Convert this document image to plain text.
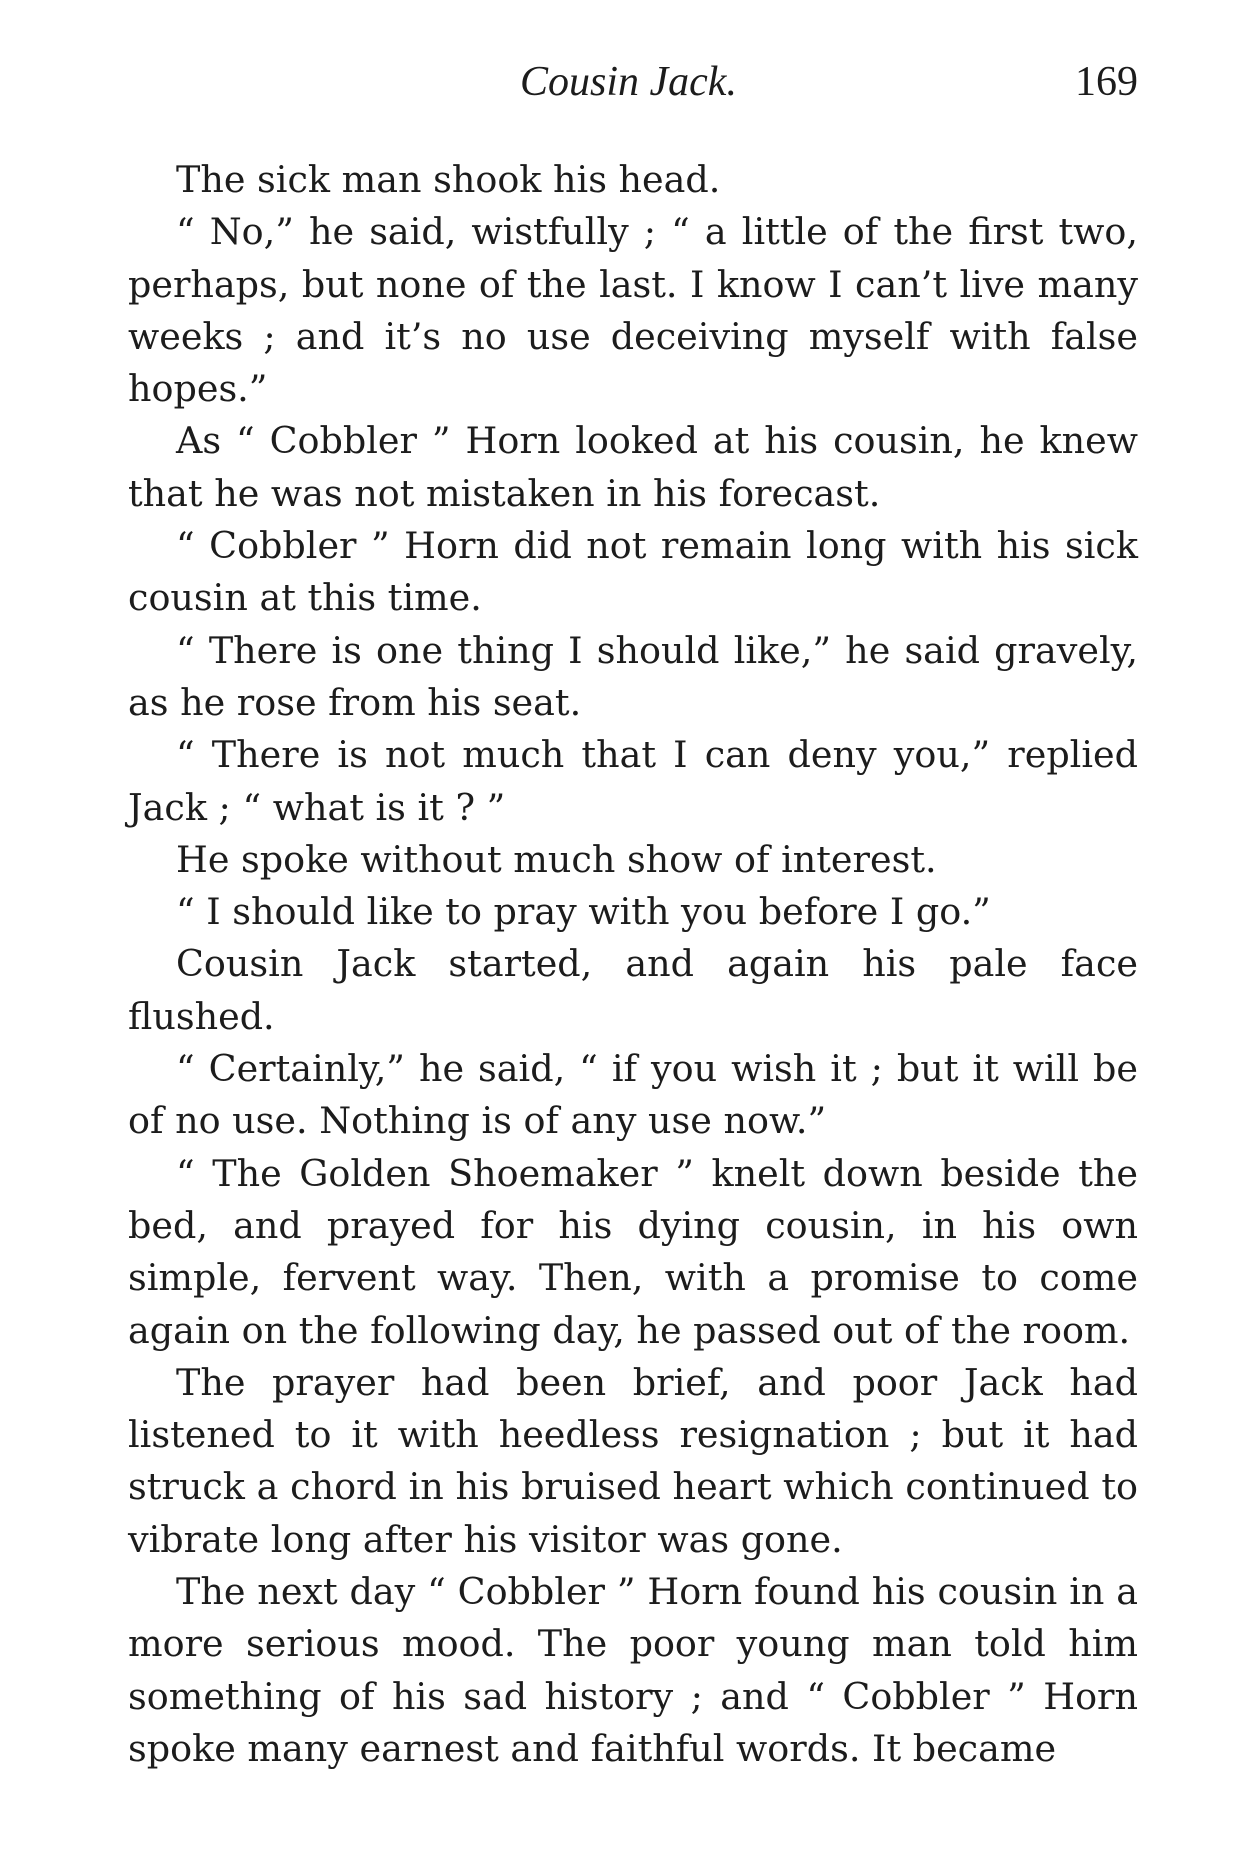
Cousin Jack.	169

The sick man shook his head.

“ No,” he said, wistfully ; “ a little of the first two, perhaps, but none of the last. I know I can’t live many weeks ; and it’s no use deceiving myself with false hopes.”

As “ Cobbler ” Horn looked at his cousin, he knew that he was not mistaken in his forecast.

“ Cobbler ” Horn did not remain long with his sick cousin at this time.

“ There is one thing I should like,” he said gravely, as he rose from his seat.

“ There is not much that I can deny you,” replied Jack ; “ what is it ? ”

He spoke without much show of interest.

“ I should like to pray with you before I go.”

Cousin Jack started, and again his pale face flushed.

“ Certainly,” he said, “ if you wish it ; but it will be of no use. Nothing is of any use now.”

“ The Golden Shoemaker ” knelt down beside the bed, and prayed for his dying cousin, in his own simple, fervent way. Then, with a promise to come again on the following day, he passed out of the room.

The prayer had been brief, and poor Jack had listened to it with heedless resignation ; but it had struck a chord in his bruised heart which continued to vibrate long after his visitor was gone.

The next day “ Cobbler ” Horn found his cousin in a more serious mood. The poor young man told him something of his sad history ; and “ Cobbler ” Horn spoke many earnest and faithful words. It became
